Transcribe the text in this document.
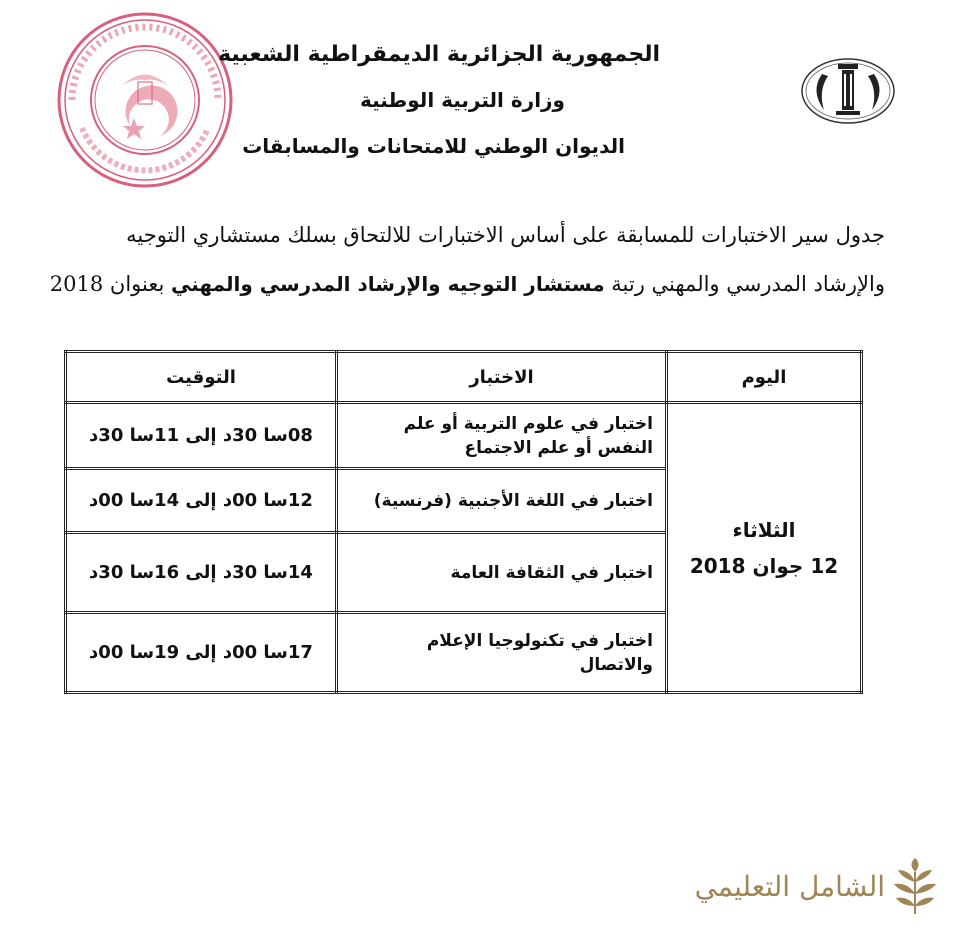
الجمهورية الجزائرية الديمقراطية الشعبية
وزارة التربية الوطنية
الديوان الوطني للامتحانات والمسابقات
جدول سير الاختبارات للمسابقة على أساس الاختبارات للالتحاق بسلك مستشاري التوجيه
والإرشاد المدرسي والمهني رتبة مستشار التوجيه والإرشاد المدرسي والمهني بعنوان 2018
اليوم	الاختبار	التوقيت

الثلاثاء
12 جوان 2018	اختبار في علوم التربية أو علم النفس أو علم الاجتماع	08سا 30د إلى 11سا 30د
	اختبار في اللغة الأجنبية (فرنسية)	12سا 00د إلى 14سا 00د
	اختبار في الثقافة العامة	14سا 30د إلى 16سا 30د
	اختبار في تكنولوجيا الإعلام والاتصال	17سا 00د إلى 19سا 00د
الشامل التعليمي
